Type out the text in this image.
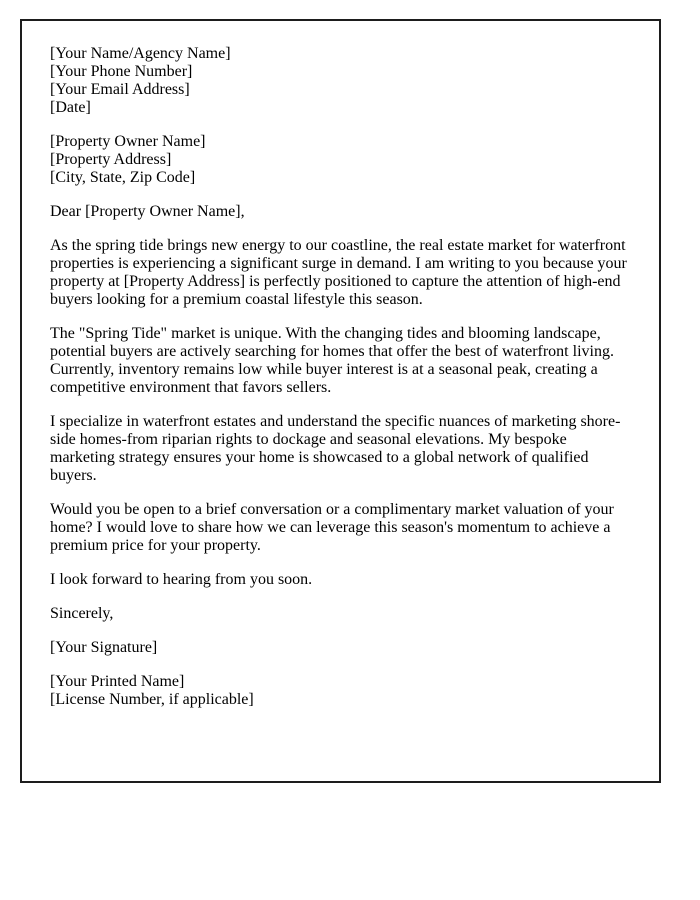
[Your Name/Agency Name]
[Your Phone Number]
[Your Email Address]
[Date]
[Property Owner Name]
[Property Address]
[City, State, Zip Code]

Dear [Property Owner Name],

As the spring tide brings new energy to our coastline, the real estate market for waterfront properties is experiencing a significant surge in demand. I am writing to you because your property at [Property Address] is perfectly positioned to capture the attention of high-end buyers looking for a premium coastal lifestyle this season.

The "Spring Tide" market is unique. With the changing tides and blooming landscape, potential buyers are actively searching for homes that offer the best of waterfront living. Currently, inventory remains low while buyer interest is at a seasonal peak, creating a competitive environment that favors sellers.

I specialize in waterfront estates and understand the specific nuances of marketing shore-side homes-from riparian rights to dockage and seasonal elevations. My bespoke marketing strategy ensures your home is showcased to a global network of qualified buyers.

Would you be open to a brief conversation or a complimentary market valuation of your home? I would love to share how we can leverage this season's momentum to achieve a premium price for your property.

I look forward to hearing from you soon.

Sincerely,

[Your Signature]

[Your Printed Name]
[License Number, if applicable]
